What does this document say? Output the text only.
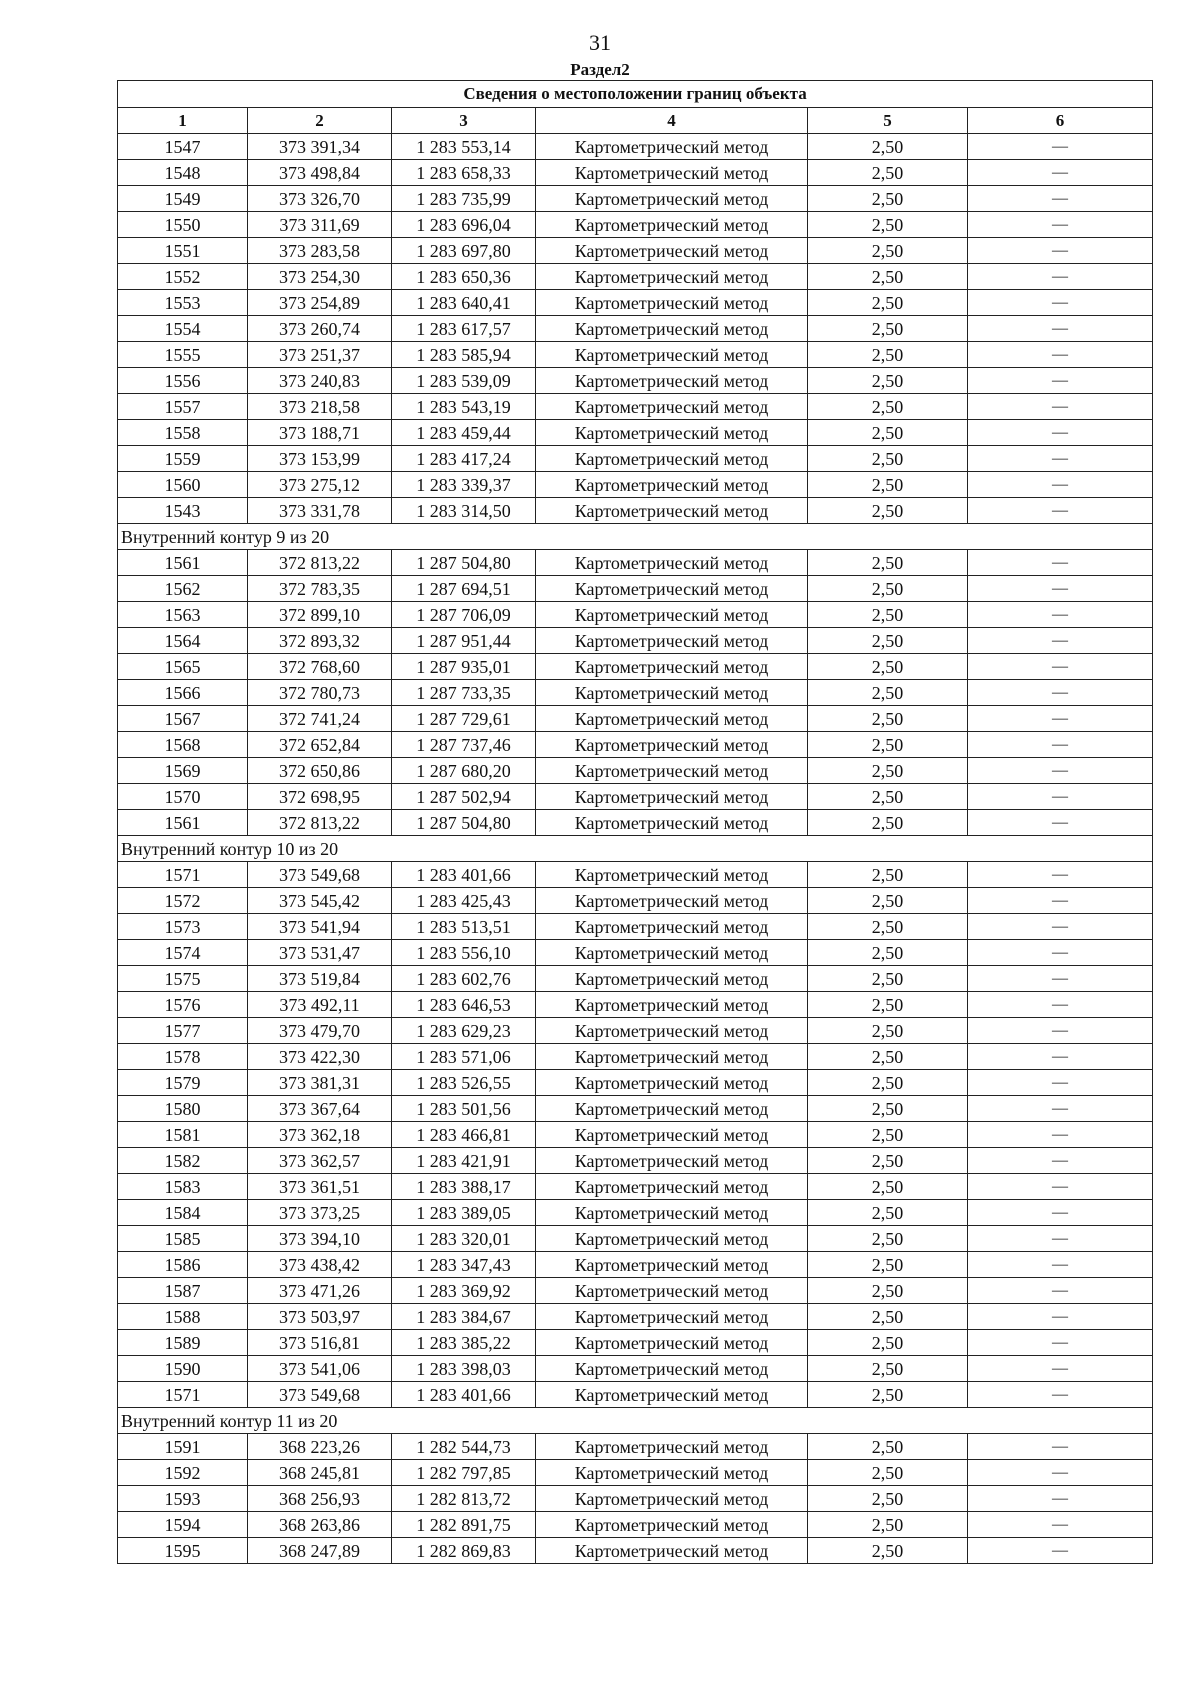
31
Раздел2
Сведения о местоположении границ объекта					
1	2	3	4	5	6
1547	373 391,34	1 283 553,14	Картометрический метод	2,50	—
1548	373 498,84	1 283 658,33	Картометрический метод	2,50	—
1549	373 326,70	1 283 735,99	Картометрический метод	2,50	—
1550	373 311,69	1 283 696,04	Картометрический метод	2,50	—
1551	373 283,58	1 283 697,80	Картометрический метод	2,50	—
1552	373 254,30	1 283 650,36	Картометрический метод	2,50	—
1553	373 254,89	1 283 640,41	Картометрический метод	2,50	—
1554	373 260,74	1 283 617,57	Картометрический метод	2,50	—
1555	373 251,37	1 283 585,94	Картометрический метод	2,50	—
1556	373 240,83	1 283 539,09	Картометрический метод	2,50	—
1557	373 218,58	1 283 543,19	Картометрический метод	2,50	—
1558	373 188,71	1 283 459,44	Картометрический метод	2,50	—
1559	373 153,99	1 283 417,24	Картометрический метод	2,50	—
1560	373 275,12	1 283 339,37	Картометрический метод	2,50	—
1543	373 331,78	1 283 314,50	Картометрический метод	2,50	—
Внутренний контур 9 из 20					
1561	372 813,22	1 287 504,80	Картометрический метод	2,50	—
1562	372 783,35	1 287 694,51	Картометрический метод	2,50	—
1563	372 899,10	1 287 706,09	Картометрический метод	2,50	—
1564	372 893,32	1 287 951,44	Картометрический метод	2,50	—
1565	372 768,60	1 287 935,01	Картометрический метод	2,50	—
1566	372 780,73	1 287 733,35	Картометрический метод	2,50	—
1567	372 741,24	1 287 729,61	Картометрический метод	2,50	—
1568	372 652,84	1 287 737,46	Картометрический метод	2,50	—
1569	372 650,86	1 287 680,20	Картометрический метод	2,50	—
1570	372 698,95	1 287 502,94	Картометрический метод	2,50	—
1561	372 813,22	1 287 504,80	Картометрический метод	2,50	—
Внутренний контур 10 из 20					
1571	373 549,68	1 283 401,66	Картометрический метод	2,50	—
1572	373 545,42	1 283 425,43	Картометрический метод	2,50	—
1573	373 541,94	1 283 513,51	Картометрический метод	2,50	—
1574	373 531,47	1 283 556,10	Картометрический метод	2,50	—
1575	373 519,84	1 283 602,76	Картометрический метод	2,50	—
1576	373 492,11	1 283 646,53	Картометрический метод	2,50	—
1577	373 479,70	1 283 629,23	Картометрический метод	2,50	—
1578	373 422,30	1 283 571,06	Картометрический метод	2,50	—
1579	373 381,31	1 283 526,55	Картометрический метод	2,50	—
1580	373 367,64	1 283 501,56	Картометрический метод	2,50	—
1581	373 362,18	1 283 466,81	Картометрический метод	2,50	—
1582	373 362,57	1 283 421,91	Картометрический метод	2,50	—
1583	373 361,51	1 283 388,17	Картометрический метод	2,50	—
1584	373 373,25	1 283 389,05	Картометрический метод	2,50	—
1585	373 394,10	1 283 320,01	Картометрический метод	2,50	—
1586	373 438,42	1 283 347,43	Картометрический метод	2,50	—
1587	373 471,26	1 283 369,92	Картометрический метод	2,50	—
1588	373 503,97	1 283 384,67	Картометрический метод	2,50	—
1589	373 516,81	1 283 385,22	Картометрический метод	2,50	—
1590	373 541,06	1 283 398,03	Картометрический метод	2,50	—
1571	373 549,68	1 283 401,66	Картометрический метод	2,50	—
Внутренний контур 11 из 20					
1591	368 223,26	1 282 544,73	Картометрический метод	2,50	—
1592	368 245,81	1 282 797,85	Картометрический метод	2,50	—
1593	368 256,93	1 282 813,72	Картометрический метод	2,50	—
1594	368 263,86	1 282 891,75	Картометрический метод	2,50	—
1595	368 247,89	1 282 869,83	Картометрический метод	2,50	—
